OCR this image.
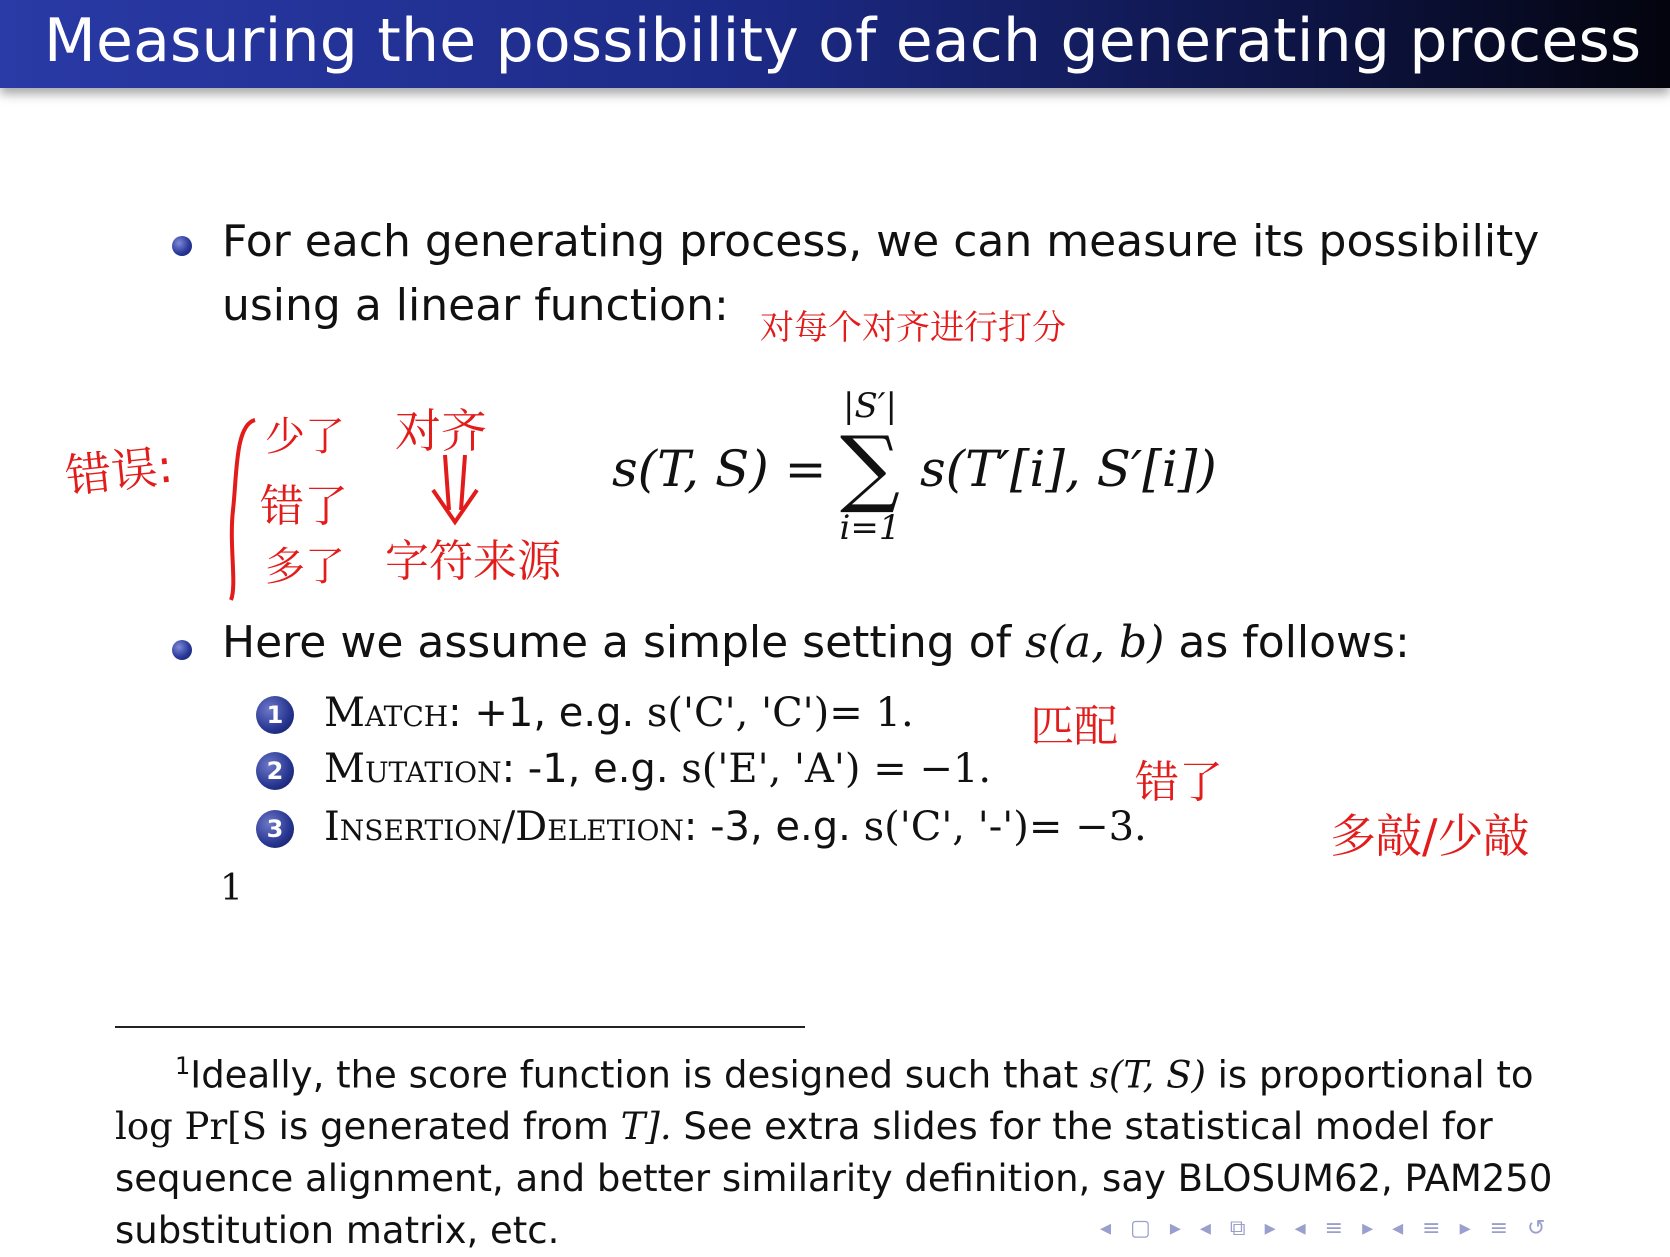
Measuring the possibility of each generating process
For each generating process, we can measure its possibility
using a linear function: 对每个对齐进行打分
错误:
少了
错了
多了
对齐
字符来源
s(T, S) =
|S′|
∑
i=1
s(T′[i], S′[i])
Here we assume a simple setting of s(a, b) as follows:
1 Match: +1, e.g. s('C', 'C')= 1.	匹配
2 Mutation: -1, e.g. s('E', 'A') = −1.	错了
3 Insertion/Deletion: -3, e.g. s('C', '-')= −3.	多敲/少敲
1
$^1$Ideally, the score function is designed such that s(T, S) is proportional to
log Pr[S is generated from T]. See extra slides for the statistical model for
sequence alignment, and better similarity definition, say BLOSUM62, PAM250
substitution matrix, etc.	◂ ▢ ▸ ◂ ⧉ ▸ ◂ ≡ ▸ ◂ ≡ ▸ ≡ ↺
